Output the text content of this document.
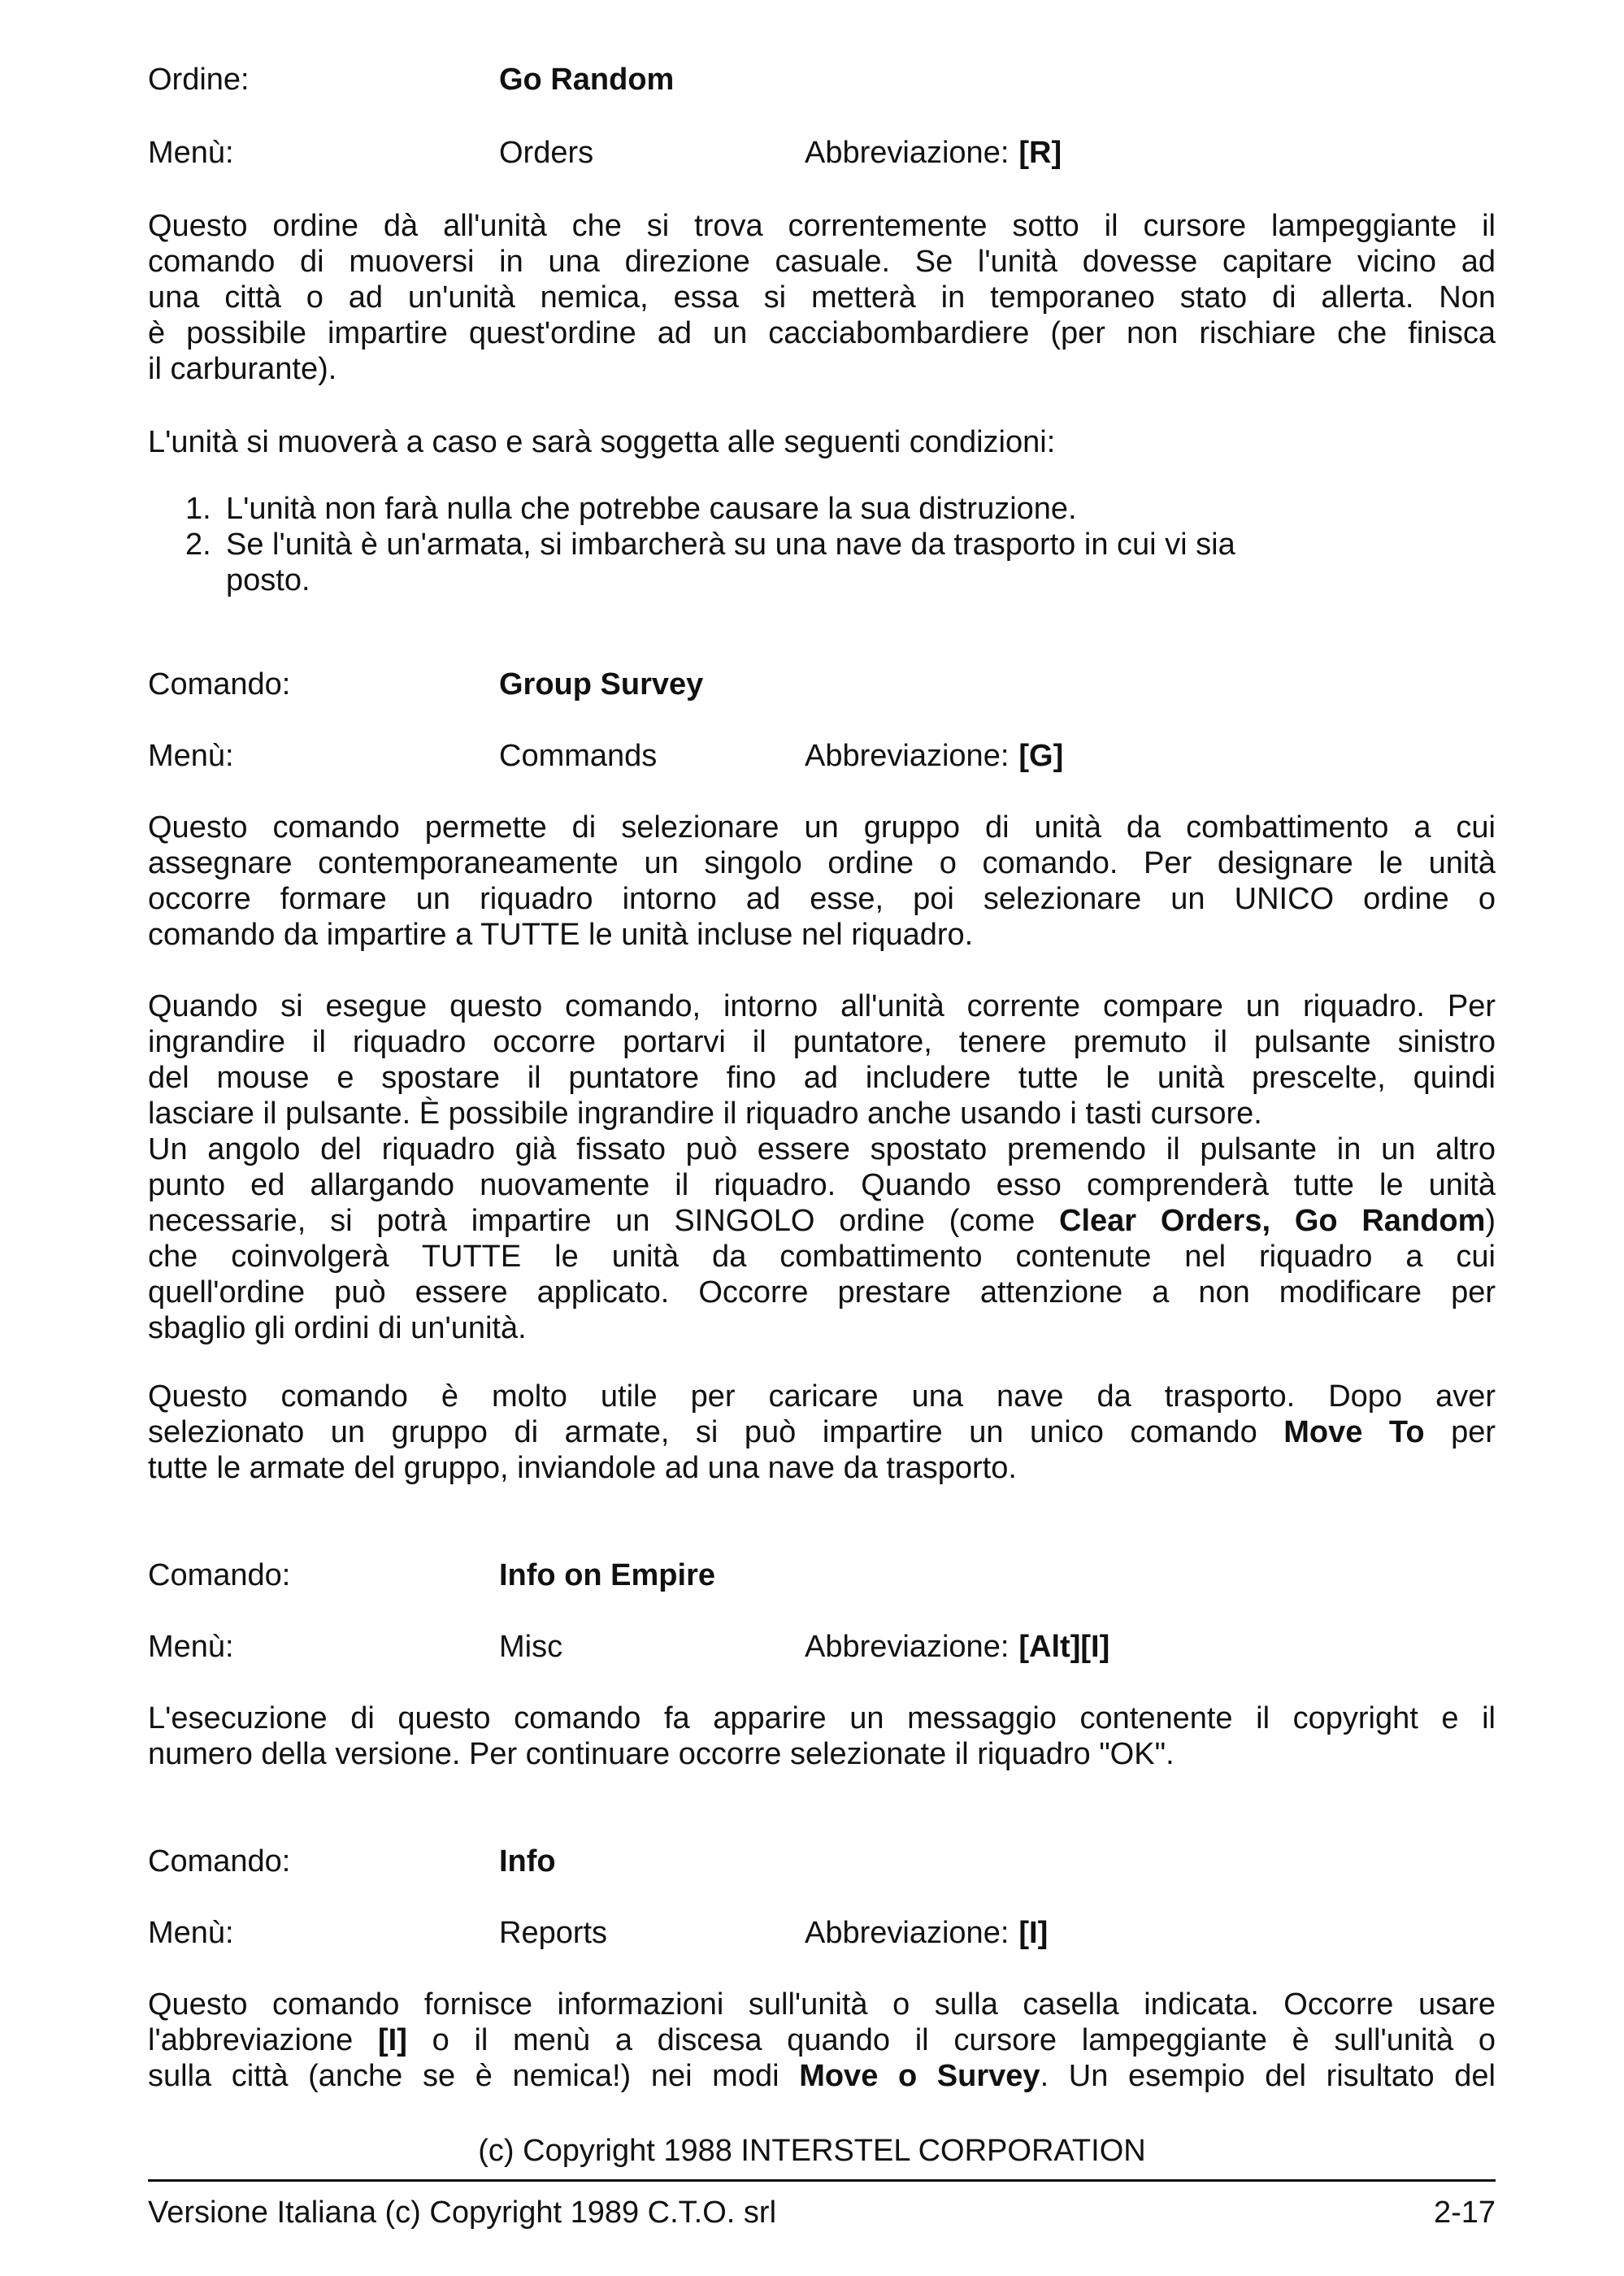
Ordine:	Go Random
Menù:	Orders	Abbreviazione: [R]
Questo ordine dà all'unità che si trova correntemente sotto il cursore lampeggiante il
comando di muoversi in una direzione casuale. Se l'unità dovesse capitare vicino ad
una città o ad un'unità nemica, essa si metterà in temporaneo stato di allerta. Non
è possibile impartire quest'ordine ad un cacciabombardiere (per non rischiare che finisca
il carburante).
L'unità si muoverà a caso e sarà soggetta alle seguenti condizioni:
1. L'unità non farà nulla che potrebbe causare la sua distruzione.
2. Se l'unità è un'armata, si imbarcherà su una nave da trasporto in cui vi sia
posto.
Comando:	Group Survey
Menù:	Commands	Abbreviazione: [G]
Questo comando permette di selezionare un gruppo di unità da combattimento a cui
assegnare contemporaneamente un singolo ordine o comando. Per designare le unità
occorre formare un riquadro intorno ad esse, poi selezionare un UNICO ordine o
comando da impartire a TUTTE le unità incluse nel riquadro.
Quando si esegue questo comando, intorno all'unità corrente compare un riquadro. Per
ingrandire il riquadro occorre portarvi il puntatore, tenere premuto il pulsante sinistro
del mouse e spostare il puntatore fino ad includere tutte le unità prescelte, quindi
lasciare il pulsante. È possibile ingrandire il riquadro anche usando i tasti cursore.
Un angolo del riquadro già fissato può essere spostato premendo il pulsante in un altro
punto ed allargando nuovamente il riquadro. Quando esso comprenderà tutte le unità
necessarie, si potrà impartire un SINGOLO ordine (come Clear Orders, Go Random)
che coinvolgerà TUTTE le unità da combattimento contenute nel riquadro a cui
quell'ordine può essere applicato. Occorre prestare attenzione a non modificare per
sbaglio gli ordini di un'unità.
Questo comando è molto utile per caricare una nave da trasporto. Dopo aver
selezionato un gruppo di armate, si può impartire un unico comando Move To per
tutte le armate del gruppo, inviandole ad una nave da trasporto.
Comando:	Info on Empire
Menù:	Misc	Abbreviazione: [Alt][I]
L'esecuzione di questo comando fa apparire un messaggio contenente il copyright e il
numero della versione. Per continuare occorre selezionate il riquadro "OK".
Comando:	Info
Menù:	Reports	Abbreviazione: [I]
Questo comando fornisce informazioni sull'unità o sulla casella indicata. Occorre usare
l'abbreviazione [I] o il menù a discesa quando il cursore lampeggiante è sull'unità o
sulla città (anche se è nemica!) nei modi Move o Survey. Un esempio del risultato del
(c) Copyright 1988 INTERSTEL CORPORATION
Versione Italiana (c) Copyright 1989 C.T.O. srl	2-17
